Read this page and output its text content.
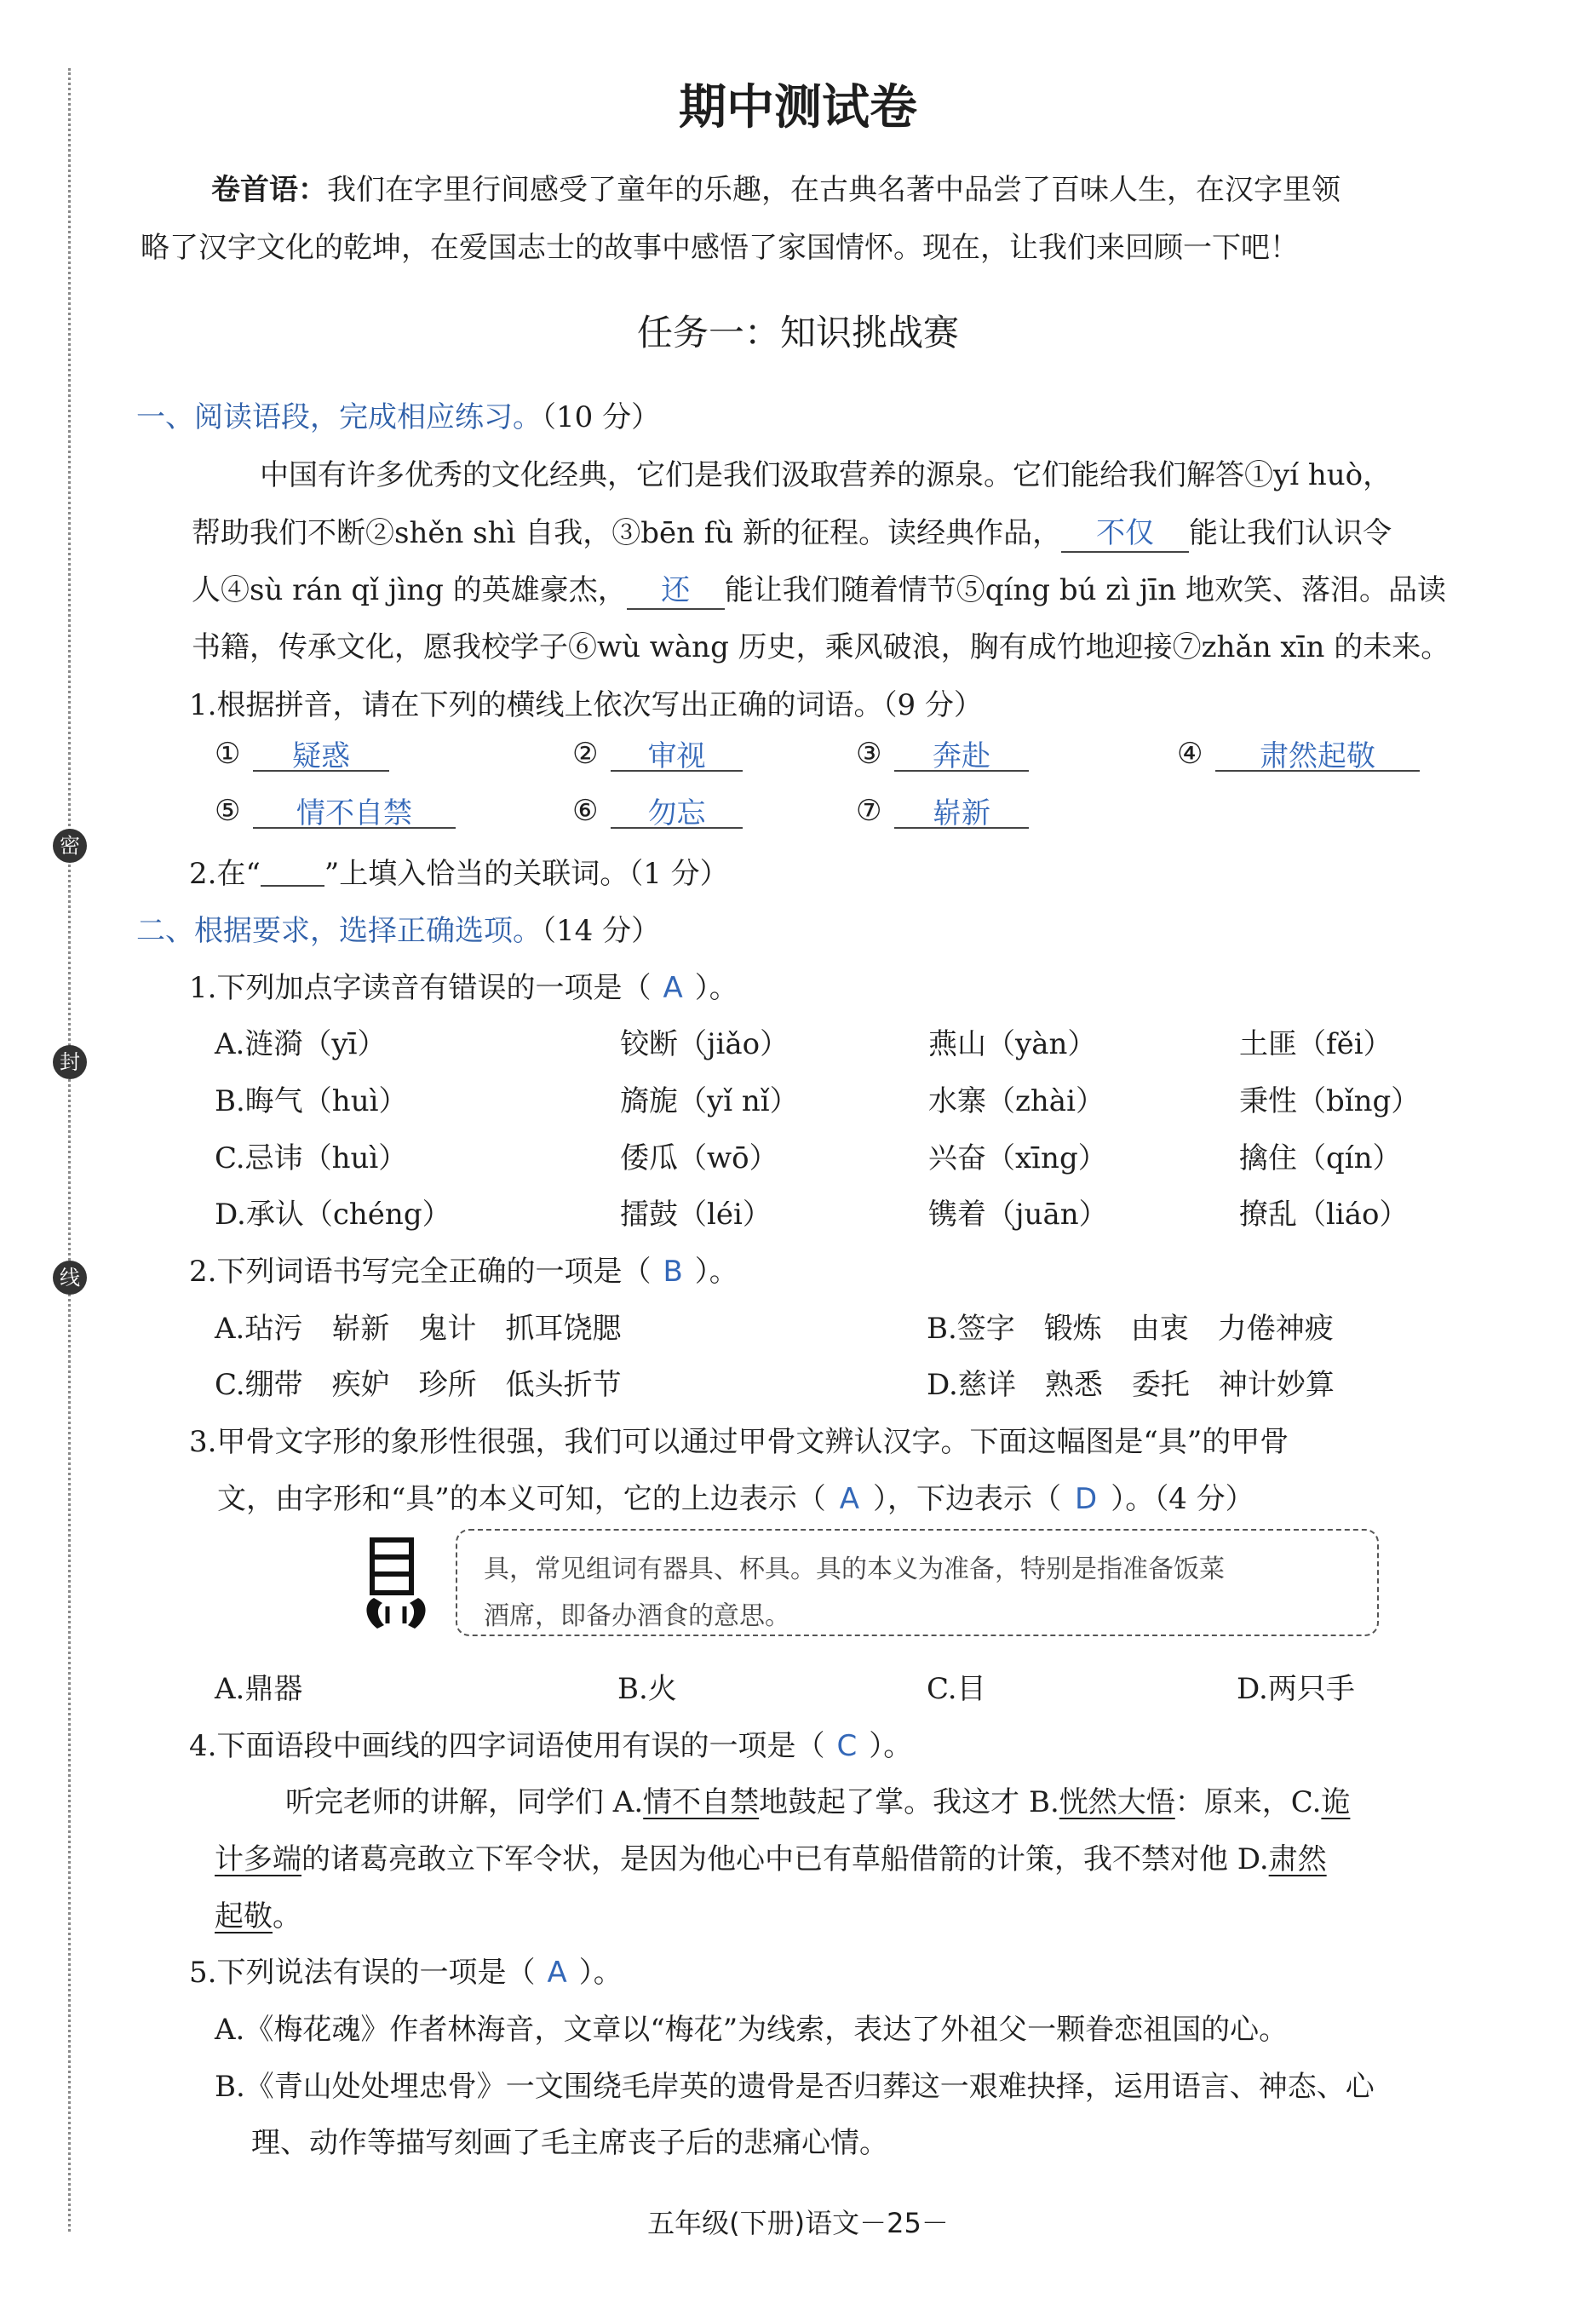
密
封
线
期中测试卷
卷首语：我们在字里行间感受了童年的乐趣，在古典名著中品尝了百味人生，在汉字里领
略了汉字文化的乾坤，在爱国志士的故事中感悟了家国情怀。现在，让我们来回顾一下吧！
任务一：知识挑战赛
一、阅读语段，完成相应练习。（10 分）
中国有许多优秀的文化经典，它们是我们汲取营养的源泉。它们能给我们解答①yí huò，
帮助我们不断②shěn shì 自我，③bēn fù 新的征程。读经典作品， 不仅 能让我们认识令
人④sù rán qǐ jìng 的英雄豪杰， 还 能让我们随着情节⑤qíng bú zì jīn 地欢笑、落泪。品读
书籍，传承文化，愿我校学子⑥wù wàng 历史，乘风破浪，胸有成竹地迎接⑦zhǎn xīn 的未来。
1.根据拼音，请在下列的横线上依次写出正确的词语。（9 分）
①	疑惑	②	审视	③	奔赴	④	肃然起敬
⑤	情不自禁	⑥	勿忘	⑦	崭新
2.在“ ”上填入恰当的关联词。（1 分）
二、根据要求，选择正确选项。（14 分）
1.下列加点字读音有错误的一项是（ A ）。
A.涟漪（yī）	铰断（jiǎo）	燕山（yàn）	土匪（fěi）
B.晦气（huì）	旖旎（yǐ nǐ）	水寨（zhài）	秉性（bǐng）
C.忌讳（huì）	倭瓜（wō）	兴奋（xīng）	擒住（qín）
D.承认（chéng）	擂鼓（léi）	镌着（juān）	撩乱（liáo）
2.下列词语书写完全正确的一项是（ B ）。
A.玷污　崭新　鬼计　抓耳饶腮	B.签字　锻炼　由衷　力倦神疲
C.绷带　疾妒　珍所　低头折节	D.慈详　熟悉　委托　神计妙算
3.甲骨文字形的象形性很强，我们可以通过甲骨文辨认汉字。下面这幅图是“具”的甲骨
文，由字形和“具”的本义可知，它的上边表示（ A ），下边表示（ D ）。（4 分）
具，常见组词有器具、杯具。具的本义为准备，特别是指准备饭菜
酒席，即备办酒食的意思。
A.鼎器	B.火	C.目	D.两只手
4.下面语段中画线的四字词语使用有误的一项是（ C ）。
听完老师的讲解，同学们 A.情不自禁地鼓起了掌。我这才 B.恍然大悟：原来，C.诡
计多端的诸葛亮敢立下军令状，是因为他心中已有草船借箭的计策，我不禁对他 D.肃然
起敬。
5.下列说法有误的一项是（ A ）。
A.《梅花魂》作者林海音，文章以“梅花”为线索，表达了外祖父一颗眷恋祖国的心。
B.《青山处处埋忠骨》一文围绕毛岸英的遗骨是否归葬这一艰难抉择，运用语言、神态、心
理、动作等描写刻画了毛主席丧子后的悲痛心情。
五年级(下册)语文－25－
